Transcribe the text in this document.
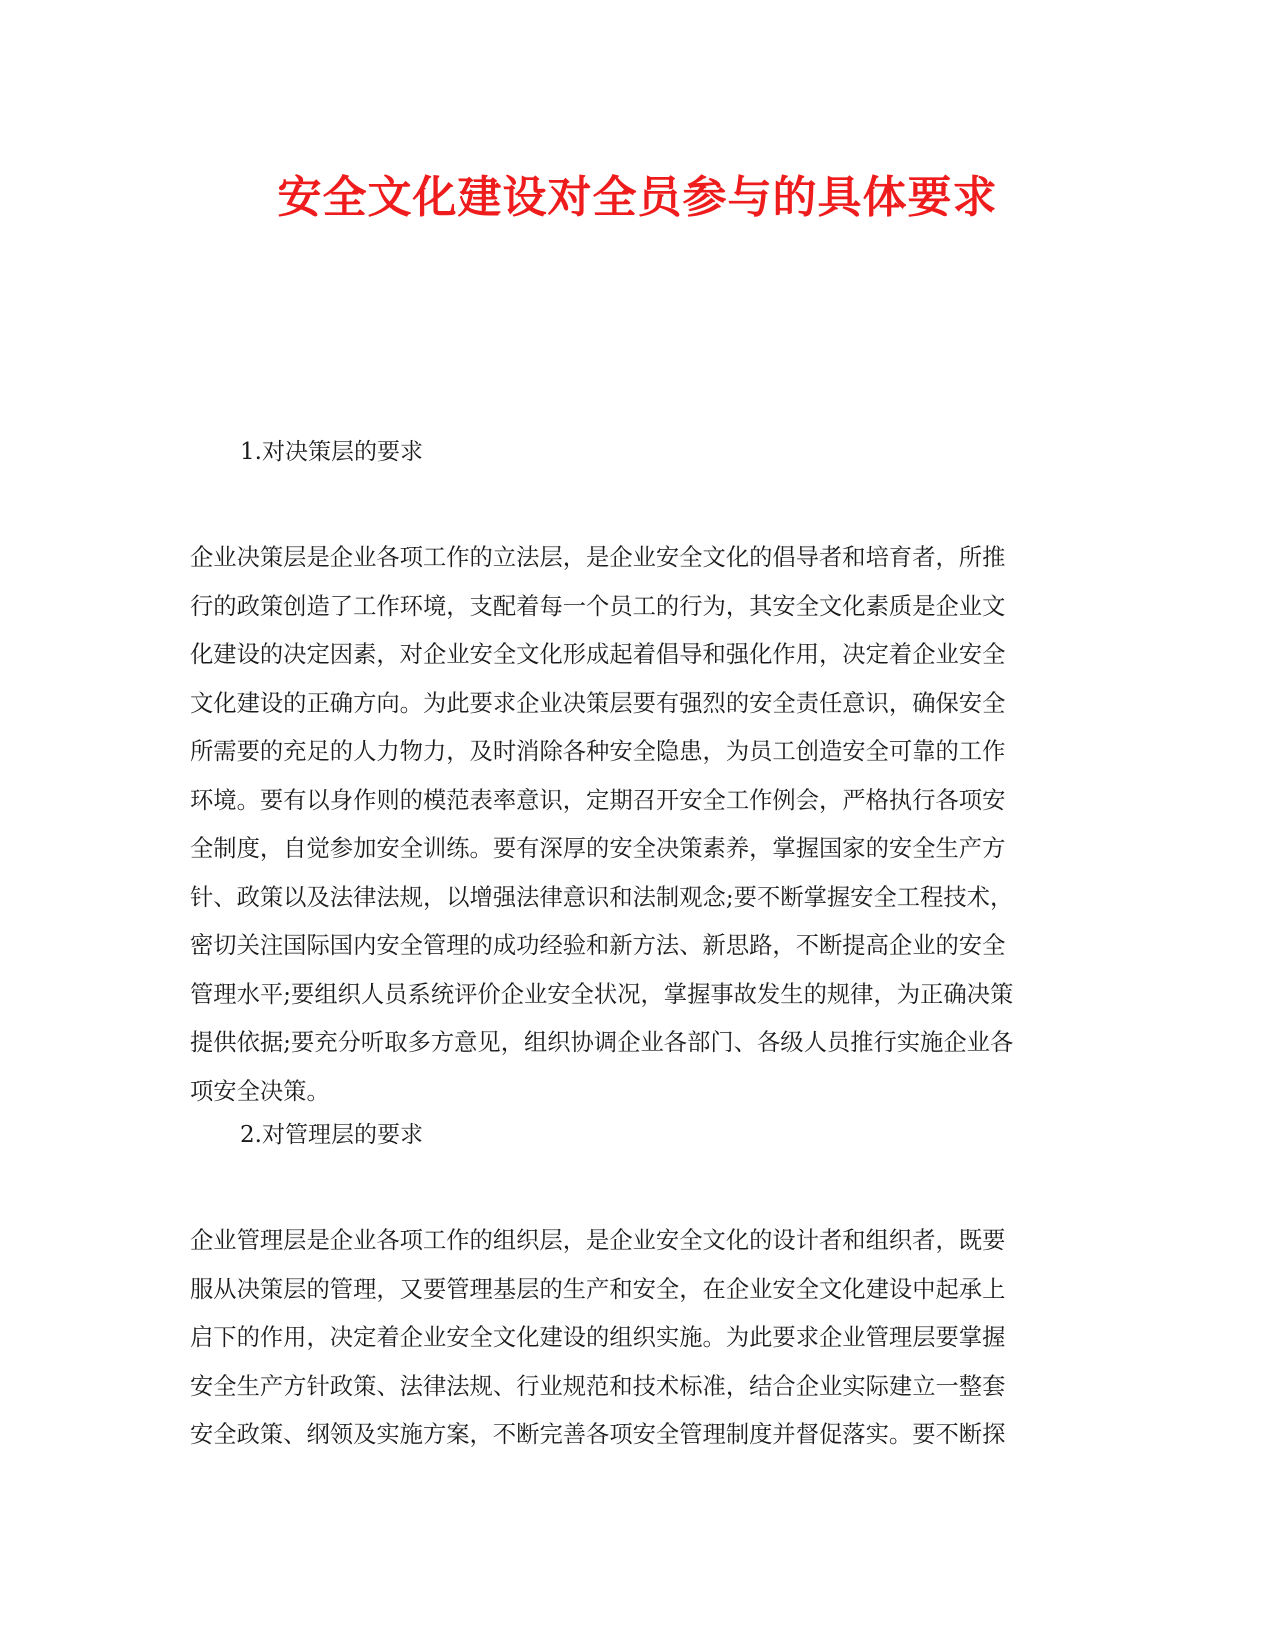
安全文化建设对全员参与的具体要求
1.对决策层的要求
企业决策层是企业各项工作的立法层，是企业安全文化的倡导者和培育者，所推
行的政策创造了工作环境，支配着每一个员工的行为，其安全文化素质是企业文
化建设的决定因素，对企业安全文化形成起着倡导和强化作用，决定着企业安全
文化建设的正确方向。为此要求企业决策层要有强烈的安全责任意识，确保安全
所需要的充足的人力物力，及时消除各种安全隐患，为员工创造安全可靠的工作
环境。要有以身作则的模范表率意识，定期召开安全工作例会，严格执行各项安
全制度，自觉参加安全训练。要有深厚的安全决策素养，掌握国家的安全生产方
针、政策以及法律法规，以增强法律意识和法制观念;要不断掌握安全工程技术，
密切关注国际国内安全管理的成功经验和新方法、新思路，不断提高企业的安全
管理水平;要组织人员系统评价企业安全状况，掌握事故发生的规律，为正确决策
提供依据;要充分听取多方意见，组织协调企业各部门、各级人员推行实施企业各
项安全决策。
2.对管理层的要求
企业管理层是企业各项工作的组织层，是企业安全文化的设计者和组织者，既要
服从决策层的管理，又要管理基层的生产和安全，在企业安全文化建设中起承上
启下的作用，决定着企业安全文化建设的组织实施。为此要求企业管理层要掌握
安全生产方针政策、法律法规、行业规范和技术标准，结合企业实际建立一整套
安全政策、纲领及实施方案，不断完善各项安全管理制度并督促落实。要不断探
